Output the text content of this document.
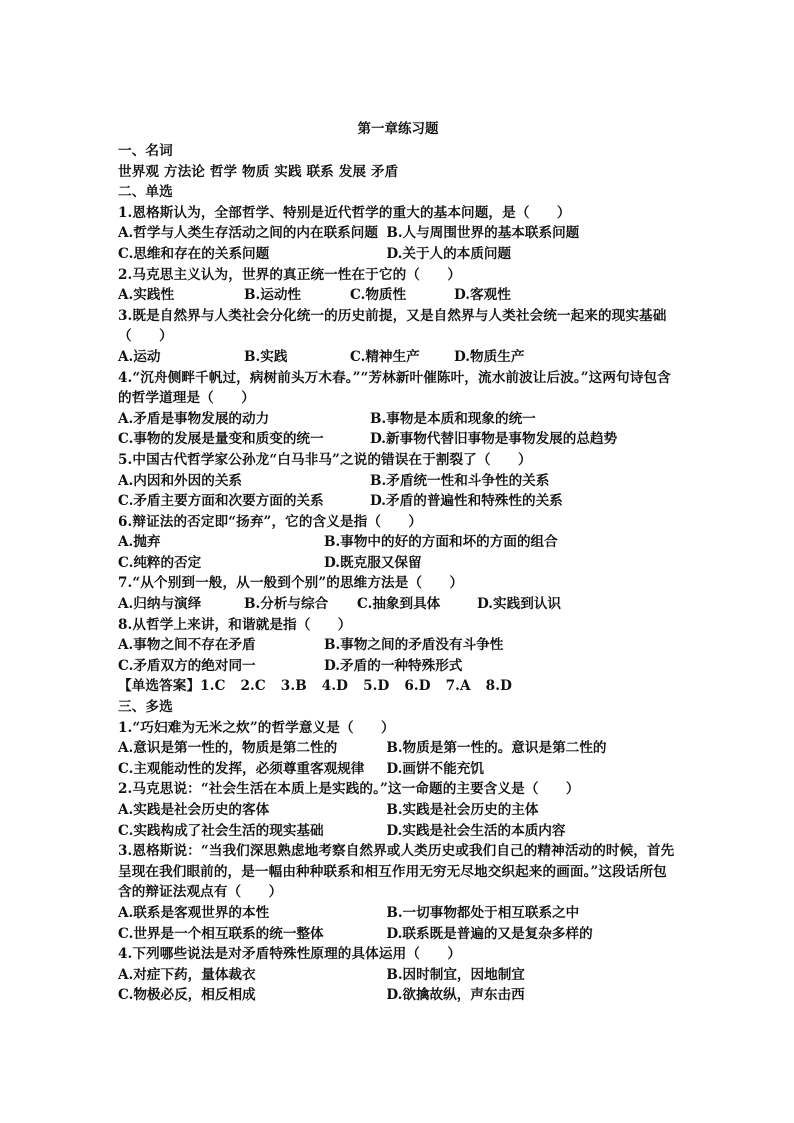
第一章练习题
一、名词
世界观 方法论 哲学 物质 实践 联系 发展 矛盾
二、单选
1.恩格斯认为，全部哲学、特别是近代哲学的重大的基本问题，是（　　）
A.哲学与人类生存活动之间的内在联系问题 B.人与周围世界的基本联系问题
C.思维和存在的关系问题	D.关于人的本质问题
2.马克思主义认为，世界的真正统一性在于它的（　　）
A.实践性	B.运动性	C.物质性	D.客观性
3.既是自然界与人类社会分化统一的历史前提，又是自然界与人类社会统一起来的现实基础（　　）
A.运动	B.实践	C.精神生产	D.物质生产
4.“沉舟侧畔千帆过，病树前头万木春。”“芳林新叶催陈叶，流水前波让后波。”这两句诗包含的哲学道理是（　　）
A.矛盾是事物发展的动力	B.事物是本质和现象的统一
C.事物的发展是量变和质变的统一	D.新事物代替旧事物是事物发展的总趋势
5.中国古代哲学家公孙龙“白马非马”之说的错误在于割裂了（　　）
A.内因和外因的关系	B.矛盾统一性和斗争性的关系
C.矛盾主要方面和次要方面的关系	D.矛盾的普遍性和特殊性的关系
6.辩证法的否定即“扬弃”，它的含义是指（　　）
A.抛弃	B.事物中的好的方面和坏的方面的组合
C.纯粹的否定	D.既克服又保留
7.“从个别到一般，从一般到个别”的思维方法是（　　）
A.归纳与演绎	B.分析与综合	C.抽象到具体	D.实践到认识
8.从哲学上来讲，和谐就是指（　　）
A.事物之间不存在矛盾	B.事物之间的矛盾没有斗争性
C.矛盾双方的绝对同一	D.矛盾的一种特殊形式
【单选答案】1.C 2.C 3.B 4.D 5.D 6.D 7.A 8.D
三、多选
1.“巧妇难为无米之炊”的哲学意义是（　　）
A.意识是第一性的，物质是第二性的	B.物质是第一性的。意识是第二性的
C.主观能动性的发挥，必须尊重客观规律	D.画饼不能充饥
2.马克思说：“社会生活在本质上是实践的。”这一命题的主要含义是（　　）
A.实践是社会历史的客体	B.实践是社会历史的主体
C.实践构成了社会生活的现实基础	D.实践是社会生活的本质内容
3.恩格斯说：“当我们深思熟虑地考察自然界或人类历史或我们自己的精神活动的时候，首先呈现在我们眼前的，是一幅由种种联系和相互作用无穷无尽地交织起来的画面。”这段话所包含的辩证法观点有（　　）
A.联系是客观世界的本性	B.一切事物都处于相互联系之中
C.世界是一个相互联系的统一整体	D.联系既是普遍的又是复杂多样的
4.下列哪些说法是对矛盾特殊性原理的具体运用（　　）
A.对症下药，量体裁衣	B.因时制宜，因地制宜
C.物极必反，相反相成	D.欲擒故纵，声东击西
